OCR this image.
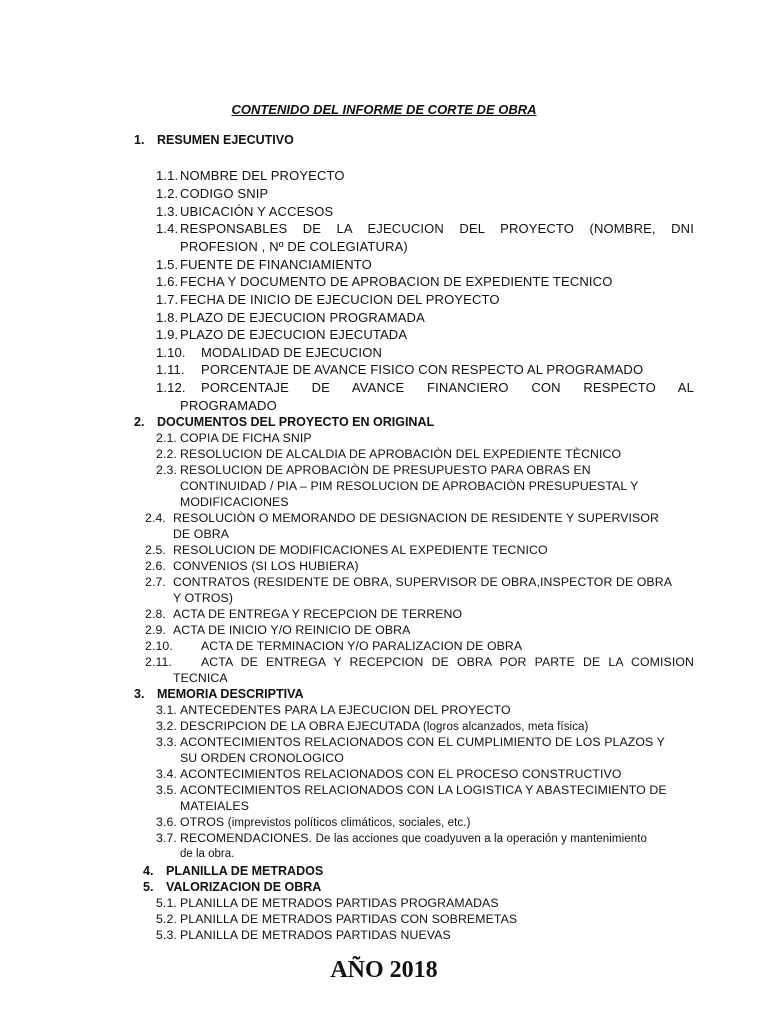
CONTENIDO DEL INFORME DE CORTE DE OBRA
1. RESUMEN EJECUTIVO
1.1. NOMBRE DEL PROYECTO
1.2. CODIGO SNIP
1.3. UBICACIÓN Y ACCESOS
1.4. RESPONSABLES DE LA EJECUCION DEL PROYECTO (NOMBRE, DNI
PROFESION , Nº DE COLEGIATURA)
1.5. FUENTE DE FINANCIAMIENTO
1.6. FECHA Y DOCUMENTO DE APROBACION DE EXPEDIENTE TECNICO
1.7. FECHA DE INICIO DE EJECUCION DEL PROYECTO
1.8. PLAZO DE EJECUCION PROGRAMADA
1.9. PLAZO DE EJECUCION EJECUTADA
1.10. MODALIDAD DE EJECUCION
1.11. PORCENTAJE DE AVANCE FISICO CON RESPECTO AL PROGRAMADO
1.12. PORCENTAJE DE AVANCE FINANCIERO CON RESPECTO AL
PROGRAMADO
2. DOCUMENTOS DEL PROYECTO EN ORIGINAL
2.1. COPIA DE FICHA SNIP
2.2. RESOLUCION DE ALCALDIA DE APROBACIÒN DEL EXPEDIENTE TÈCNICO
2.3. RESOLUCION DE APROBACIÒN DE PRESUPUESTO PARA OBRAS EN
CONTINUIDAD / PIA – PIM RESOLUCION DE APROBACIÒN PRESUPUESTAL Y
MODIFICACIONES
2.4. RESOLUCIÒN O MEMORANDO DE DESIGNACION DE RESIDENTE Y SUPERVISOR
DE OBRA
2.5. RESOLUCION DE MODIFICACIONES AL EXPEDIENTE TECNICO
2.6. CONVENIOS (SI LOS HUBIERA)
2.7. CONTRATOS (RESIDENTE DE OBRA, SUPERVISOR DE OBRA,INSPECTOR DE OBRA
Y OTROS)
2.8. ACTA DE ENTREGA Y RECEPCION DE TERRENO
2.9. ACTA DE INICIO Y/O REINICIO DE OBRA
2.10. ACTA DE TERMINACION Y/O PARALIZACION DE OBRA
2.11. ACTA DE ENTREGA Y RECEPCION DE OBRA POR PARTE DE LA COMISION
TECNICA
3. MEMORIA DESCRIPTIVA
3.1. ANTECEDENTES PARA LA EJECUCION DEL PROYECTO
3.2. DESCRIPCION DE LA OBRA EJECUTADA (logros alcanzados, meta física)
3.3. ACONTECIMIENTOS RELACIONADOS CON EL CUMPLIMIENTO DE LOS PLAZOS Y
SU ORDEN CRONOLOGICO
3.4. ACONTECIMIENTOS RELACIONADOS CON EL PROCESO CONSTRUCTIVO
3.5. ACONTECIMIENTOS RELACIONADOS CON LA LOGISTICA Y ABASTECIMIENTO DE
MATEIALES
3.6. OTROS (imprevistos políticos climáticos, sociales, etc.)
3.7. RECOMENDACIONES. De las acciones que coadyuven a la operación y mantenimiento
de la obra.
4. PLANILLA DE METRADOS
5. VALORIZACION DE OBRA
5.1. PLANILLA DE METRADOS PARTIDAS PROGRAMADAS
5.2. PLANILLA DE METRADOS PARTIDAS CON SOBREMETAS
5.3. PLANILLA DE METRADOS PARTIDAS NUEVAS
AÑO 2018
